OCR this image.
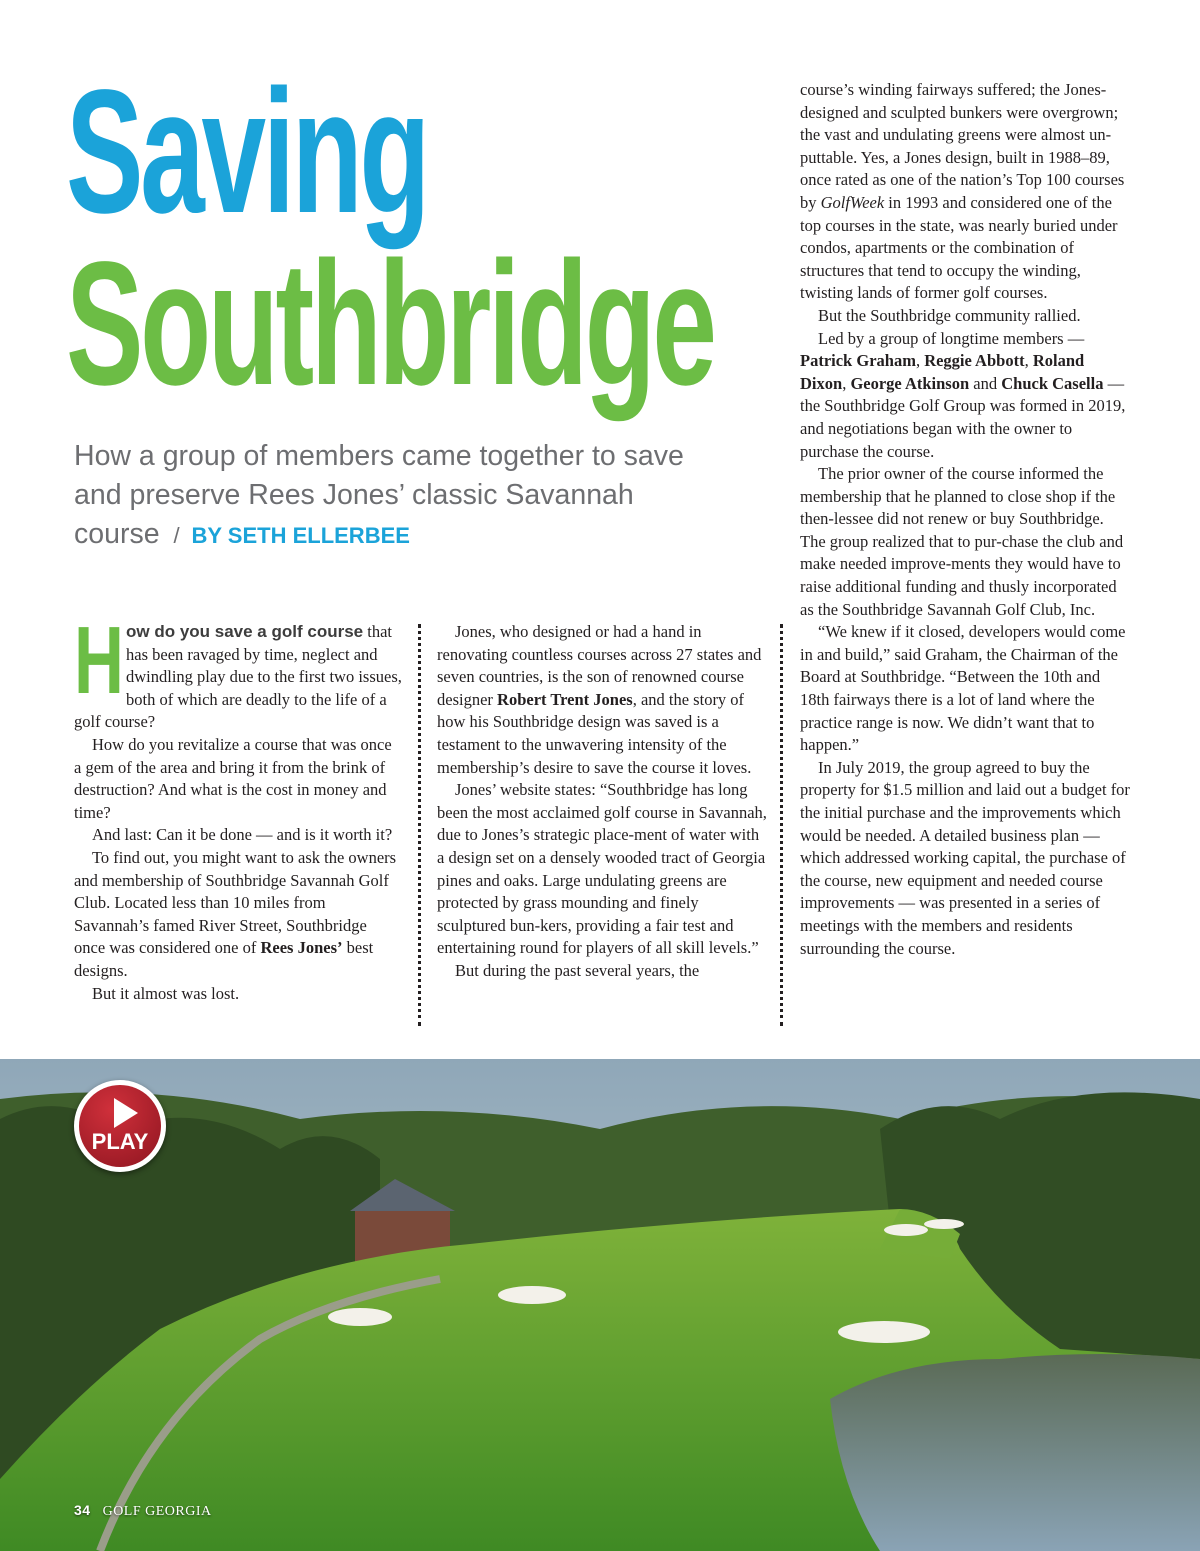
Saving
Southbridge

How a group of members came together to save and preserve Rees Jones’ classic Savannah course / BY SETH ELLERBEE

How do you save a golf course that has been ravaged by time, neglect and dwindling play due to the first two issues, both of which are deadly to the life of a golf course?

How do you revitalize a course that was once a gem of the area and bring it from the brink of destruction? And what is the cost in money and time?

And last: Can it be done — and is it worth it?

To find out, you might want to ask the owners and membership of Southbridge Savannah Golf Club. Located less than 10 miles from Savannah’s famed River Street, Southbridge once was considered one of Rees Jones’ best designs.

But it almost was lost.

Jones, who designed or had a hand in renovating countless courses across 27 states and seven countries, is the son of renowned course designer Robert Trent Jones, and the story of how his Southbridge design was saved is a testament to the unwavering intensity of the membership’s desire to save the course it loves.

Jones’ website states: “Southbridge has long been the most acclaimed golf course in Savannah, due to Jones’s strategic place-ment of water with a design set on a densely wooded tract of Georgia pines and oaks. Large undulating greens are protected by grass mounding and finely sculptured bun-kers, providing a fair test and entertaining round for players of all skill levels.”

But during the past several years, the

course’s winding fairways suffered; the Jones-designed and sculpted bunkers were overgrown; the vast and undulating greens were almost un-puttable. Yes, a Jones design, built in 1988–89, once rated as one of the nation’s Top 100 courses by GolfWeek in 1993 and considered one of the top courses in the state, was nearly buried under condos, apartments or the combination of structures that tend to occupy the winding, twisting lands of former golf courses.

But the Southbridge community rallied.

Led by a group of longtime members — Patrick Graham, Reggie Abbott, Roland Dixon, George Atkinson and Chuck Casella — the Southbridge Golf Group was formed in 2019, and negotiations began with the owner to purchase the course.

The prior owner of the course informed the membership that he planned to close shop if the then-lessee did not renew or buy Southbridge. The group realized that to pur-chase the club and make needed improve-ments they would have to raise additional funding and thusly incorporated as the Southbridge Savannah Golf Club, Inc.

“We knew if it closed, developers would come in and build,” said Graham, the Chairman of the Board at Southbridge. “Between the 10th and 18th fairways there is a lot of land where the practice range is now. We didn’t want that to happen.”

In July 2019, the group agreed to buy the property for $1.5 million and laid out a budget for the initial purchase and the improvements which would be needed. A detailed business plan — which addressed working capital, the purchase of the course, new equipment and needed course improvements — was presented in a series of meetings with the members and residents surrounding the course.

PLAY
34 GOLF GEORGIA
